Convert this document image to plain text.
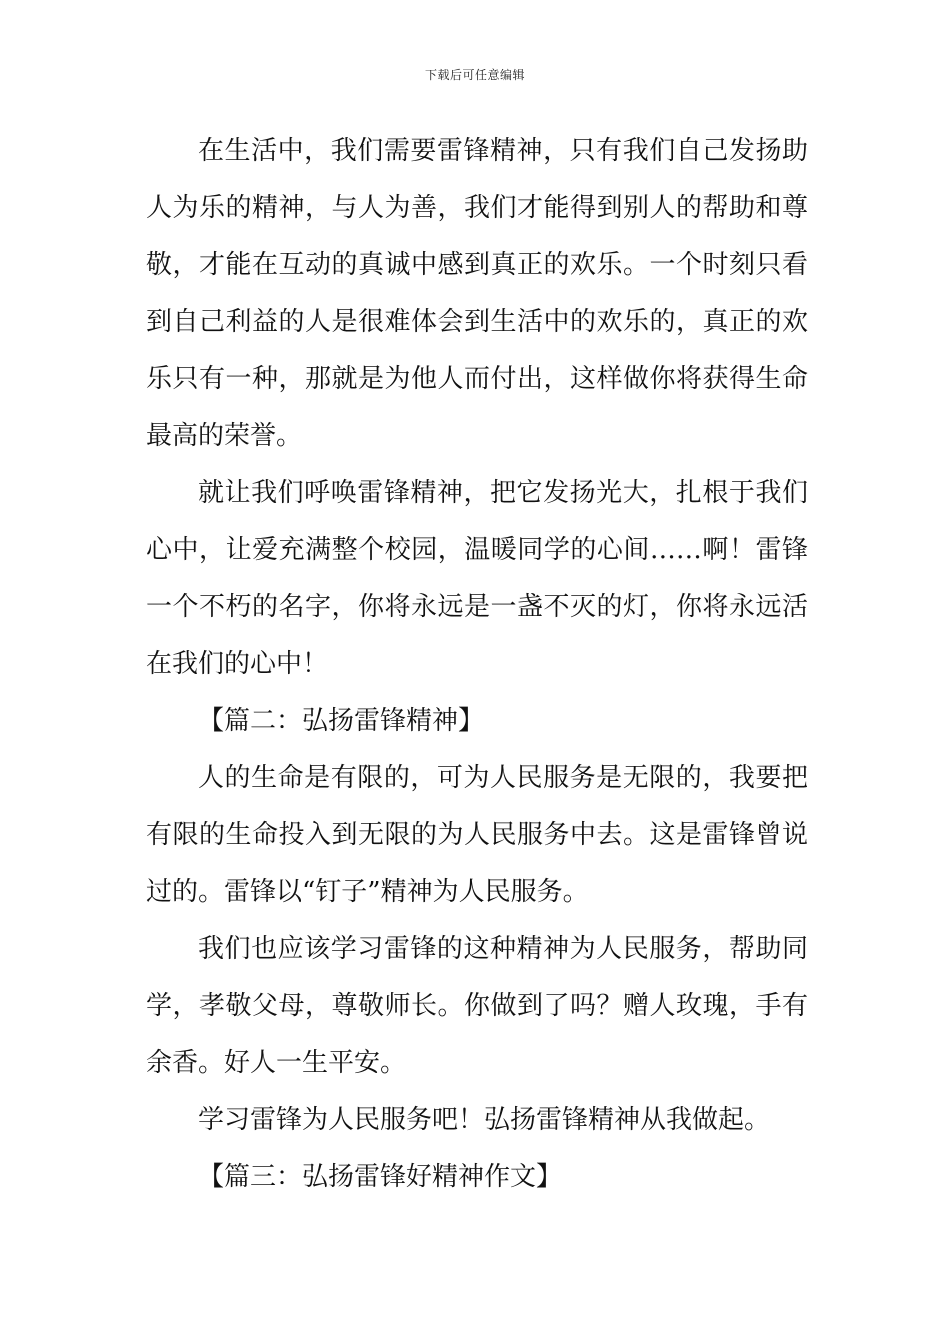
下载后可任意编辑

在生活中，我们需要雷锋精神，只有我们自己发扬助人为乐的精神，与人为善，我们才能得到别人的帮助和尊敬，才能在互动的真诚中感到真正的欢乐。一个时刻只看到自己利益的人是很难体会到生活中的欢乐的，真正的欢乐只有一种，那就是为他人而付出，这样做你将获得生命最高的荣誉。

就让我们呼唤雷锋精神，把它发扬光大，扎根于我们心中，让爱充满整个校园，温暖同学的心间……啊！雷锋一个不朽的名字，你将永远是一盏不灭的灯，你将永远活在我们的心中！

【篇二：弘扬雷锋精神】

人的生命是有限的，可为人民服务是无限的，我要把有限的生命投入到无限的为人民服务中去。这是雷锋曾说过的。雷锋以“钉子”精神为人民服务。

我们也应该学习雷锋的这种精神为人民服务，帮助同学，孝敬父母，尊敬师长。你做到了吗？赠人玫瑰，手有余香。好人一生平安。

学习雷锋为人民服务吧！弘扬雷锋精神从我做起。

【篇三：弘扬雷锋好精神作文】
